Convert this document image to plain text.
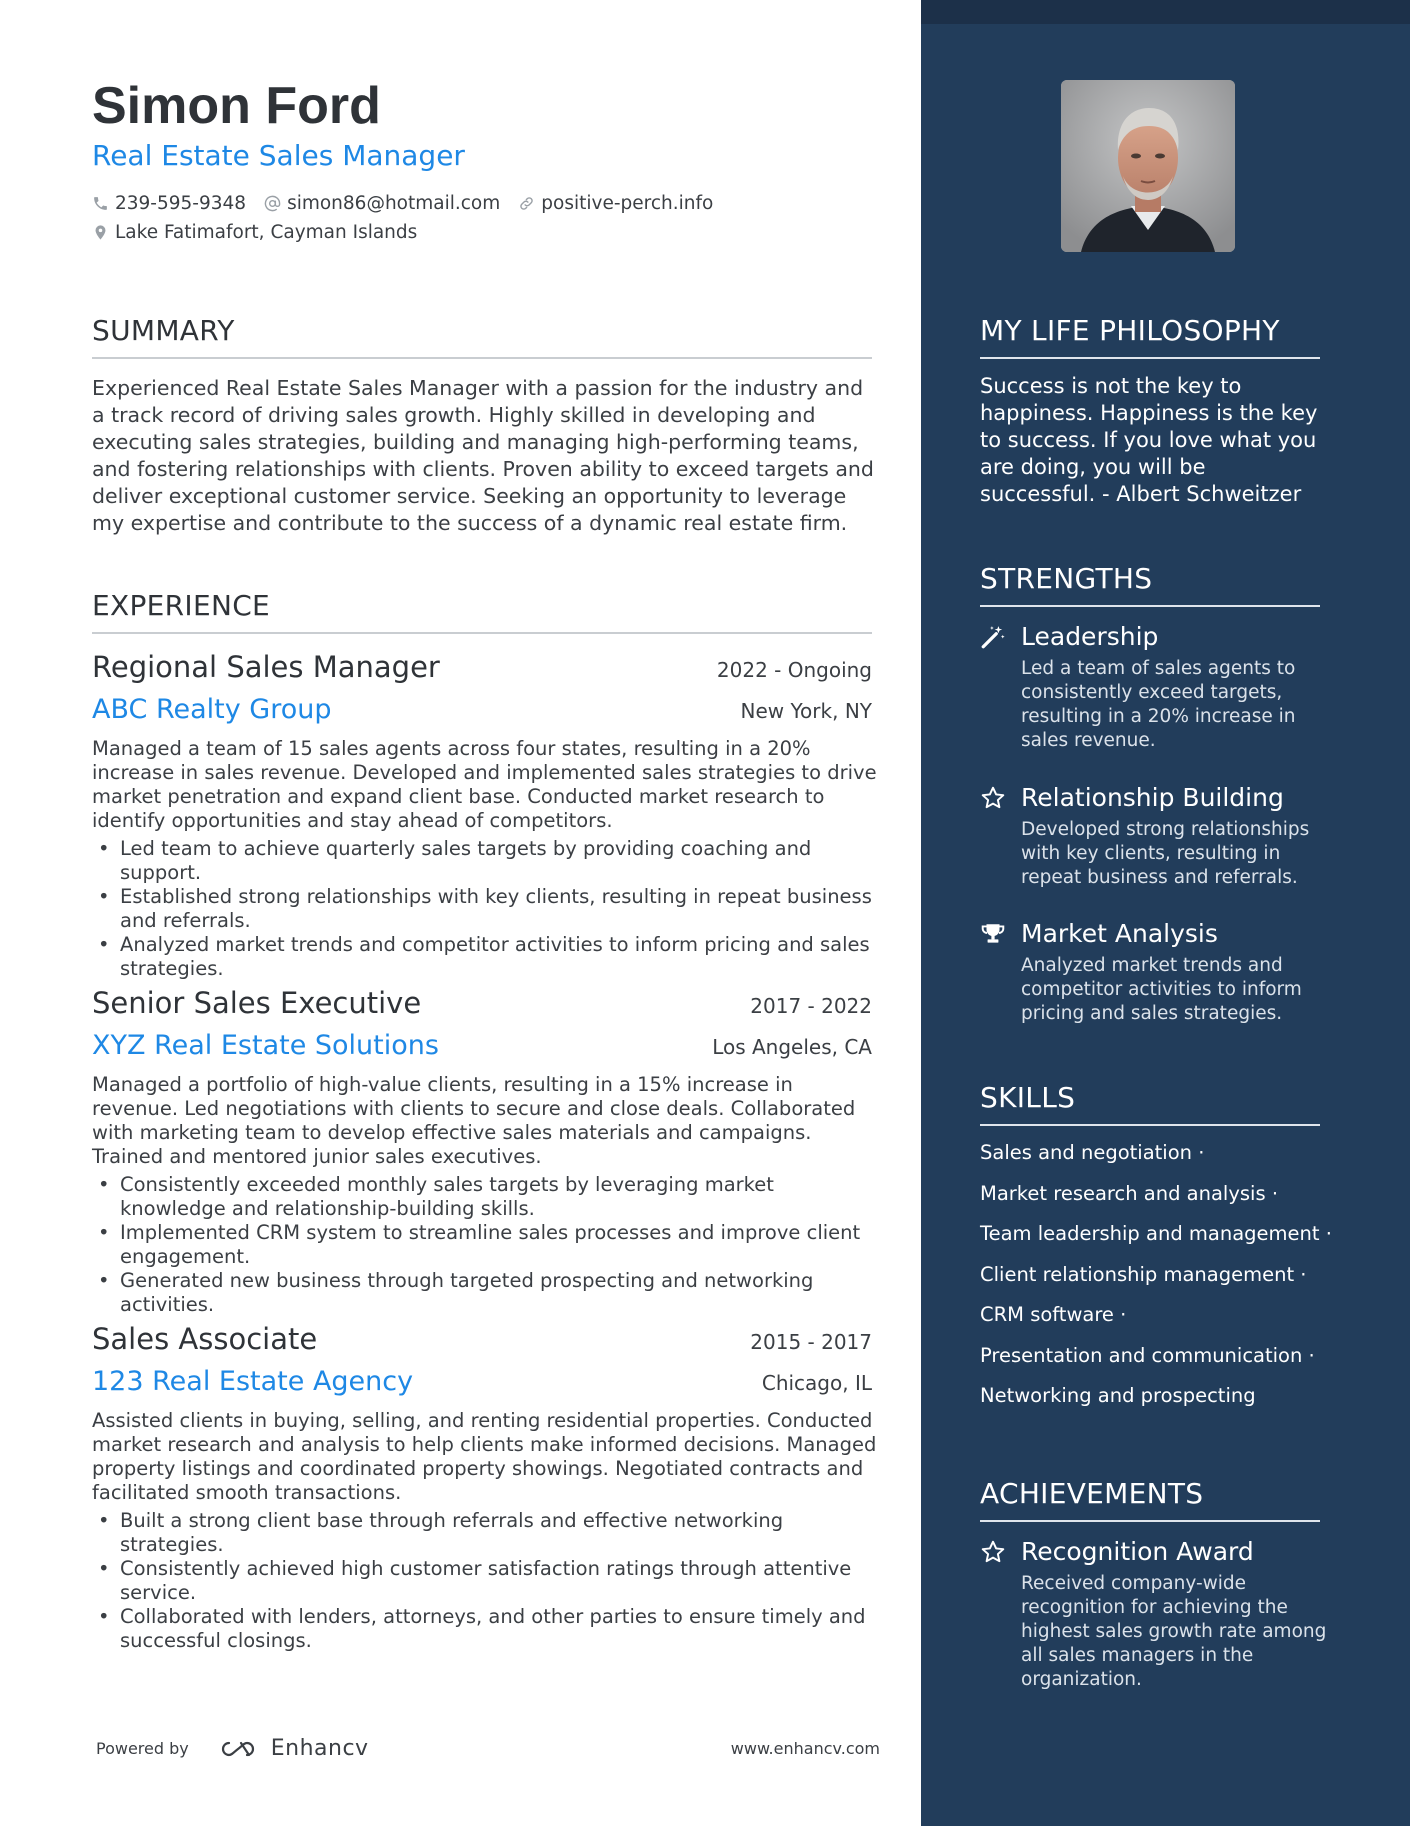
Simon Ford
Real Estate Sales Manager
239-595-9348 simon86@hotmail.com positive-perch.info
Lake Fatimafort, Cayman Islands
SUMMARY
Experienced Real Estate Sales Manager with a passion for the industry and a track record of driving sales growth. Highly skilled in developing and executing sales strategies, building and managing high-performing teams, and fostering relationships with clients. Proven ability to exceed targets and deliver exceptional customer service. Seeking an opportunity to leverage my expertise and contribute to the success of a dynamic real estate firm.
EXPERIENCE
Regional Sales Manager	2022 - Ongoing
ABC Realty Group	New York, NY
Managed a team of 15 sales agents across four states, resulting in a 20% increase in sales revenue. Developed and implemented sales strategies to drive market penetration and expand client base. Conducted market research to identify opportunities and stay ahead of competitors.
• Led team to achieve quarterly sales targets by providing coaching and support.
• Established strong relationships with key clients, resulting in repeat business and referrals.
• Analyzed market trends and competitor activities to inform pricing and sales strategies.
Senior Sales Executive	2017 - 2022
XYZ Real Estate Solutions	Los Angeles, CA
Managed a portfolio of high-value clients, resulting in a 15% increase in revenue. Led negotiations with clients to secure and close deals. Collaborated with marketing team to develop effective sales materials and campaigns. Trained and mentored junior sales executives.
• Consistently exceeded monthly sales targets by leveraging market knowledge and relationship-building skills.
• Implemented CRM system to streamline sales processes and improve client engagement.
• Generated new business through targeted prospecting and networking activities.
Sales Associate	2015 - 2017
123 Real Estate Agency	Chicago, IL
Assisted clients in buying, selling, and renting residential properties. Conducted market research and analysis to help clients make informed decisions. Managed property listings and coordinated property showings. Negotiated contracts and facilitated smooth transactions.
• Built a strong client base through referrals and effective networking strategies.
• Consistently achieved high customer satisfaction ratings through attentive service.
• Collaborated with lenders, attorneys, and other parties to ensure timely and successful closings.
Powered by	Enhancv	www.enhancv.com
MY LIFE PHILOSOPHY
Success is not the key to happiness. Happiness is the key to success. If you love what you are doing, you will be successful. - Albert Schweitzer
STRENGTHS
Leadership
Led a team of sales agents to consistently exceed targets, resulting in a 20% increase in sales revenue.
Relationship Building
Developed strong relationships with key clients, resulting in repeat business and referrals.
Market Analysis
Analyzed market trends and competitor activities to inform pricing and sales strategies.
SKILLS
Sales and negotiation ·
Market research and analysis ·
Team leadership and management ·
Client relationship management ·
CRM software ·
Presentation and communication ·
Networking and prospecting
ACHIEVEMENTS
Recognition Award
Received company-wide recognition for achieving the highest sales growth rate among all sales managers in the organization.
